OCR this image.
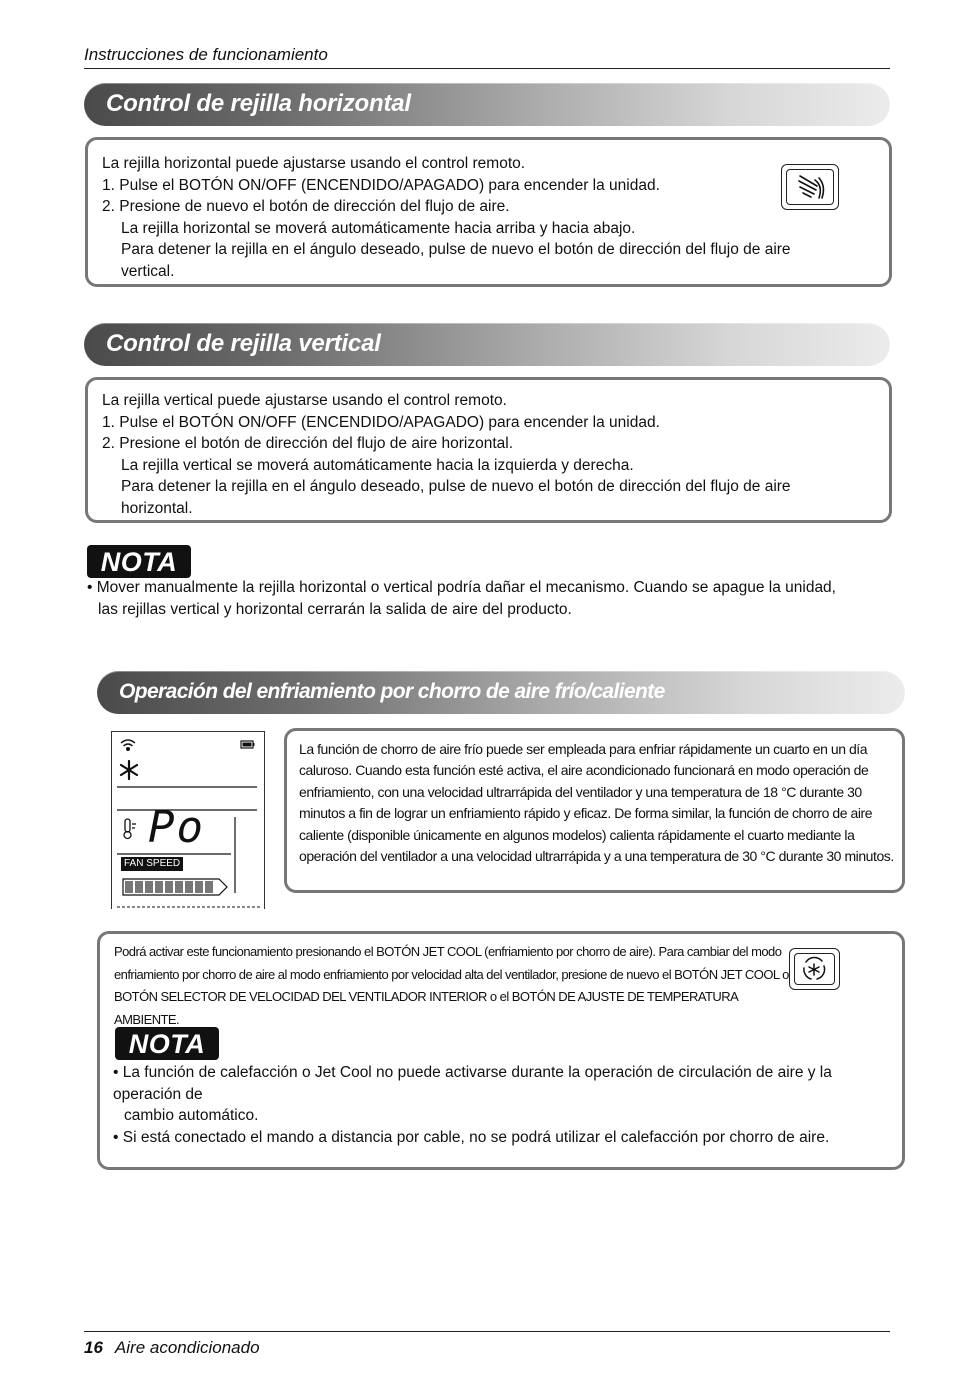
Instrucciones de funcionamiento
Control de rejilla horizontal

La rejilla horizontal puede ajustarse usando el control remoto.

1. Pulse el BOTÓN ON/OFF (ENCENDIDO/APAGADO) para encender la unidad.

2. Presione de nuevo el botón de dirección del flujo de aire.

La rejilla horizontal se moverá automáticamente hacia arriba y hacia abajo.

Para detener la rejilla en el ángulo deseado, pulse de nuevo el botón de dirección del flujo de aire

vertical.

Control de rejilla vertical

La rejilla vertical puede ajustarse usando el control remoto.

1. Pulse el BOTÓN ON/OFF (ENCENDIDO/APAGADO) para encender la unidad.

2. Presione el botón de dirección del flujo de aire horizontal.

La rejilla vertical se moverá automáticamente hacia la izquierda y derecha.

Para detener la rejilla en el ángulo deseado, pulse de nuevo el botón de dirección del flujo de aire

horizontal.

NOTA

• Mover manualmente la rejilla horizontal o vertical podría dañar el mecanismo. Cuando se apague la unidad,

las rejillas vertical y horizontal cerrarán la salida de aire del producto.

Operación del enfriamiento por chorro de aire frío/caliente
Po
FAN SPEED

La función de chorro de aire frío puede ser empleada para enfriar rápidamente un cuarto en un día

caluroso. Cuando esta función esté activa, el aire acondicionado funcionará en modo operación de

enfriamiento, con una velocidad ultrarrápida del ventilador y una temperatura de 18 °C durante 30

minutos a fin de lograr un enfriamiento rápido y eficaz. De forma similar, la función de chorro de aire

caliente (disponible únicamente en algunos modelos) calienta rápidamente el cuarto mediante la

operación del ventilador a una velocidad ultrarrápida y a una temperatura de 30 °C durante 30 minutos.

Podrá activar este funcionamiento presionando el BOTÓN JET COOL (enfriamiento por chorro de aire). Para cambiar del modo

enfriamiento por chorro de aire al modo enfriamiento por velocidad alta del ventilador, presione de nuevo el BOTÓN JET COOL o

BOTÓN SELECTOR DE VELOCIDAD DEL VENTILADOR INTERIOR o el BOTÓN DE AJUSTE DE TEMPERATURA AMBIENTE.

NOTA

• La función de calefacción o Jet Cool no puede activarse durante la operación de circulación de aire y la operación de

cambio automático.

• Si está conectado el mando a distancia por cable, no se podrá utilizar el calefacción por chorro de aire.

16 Aire acondicionado
